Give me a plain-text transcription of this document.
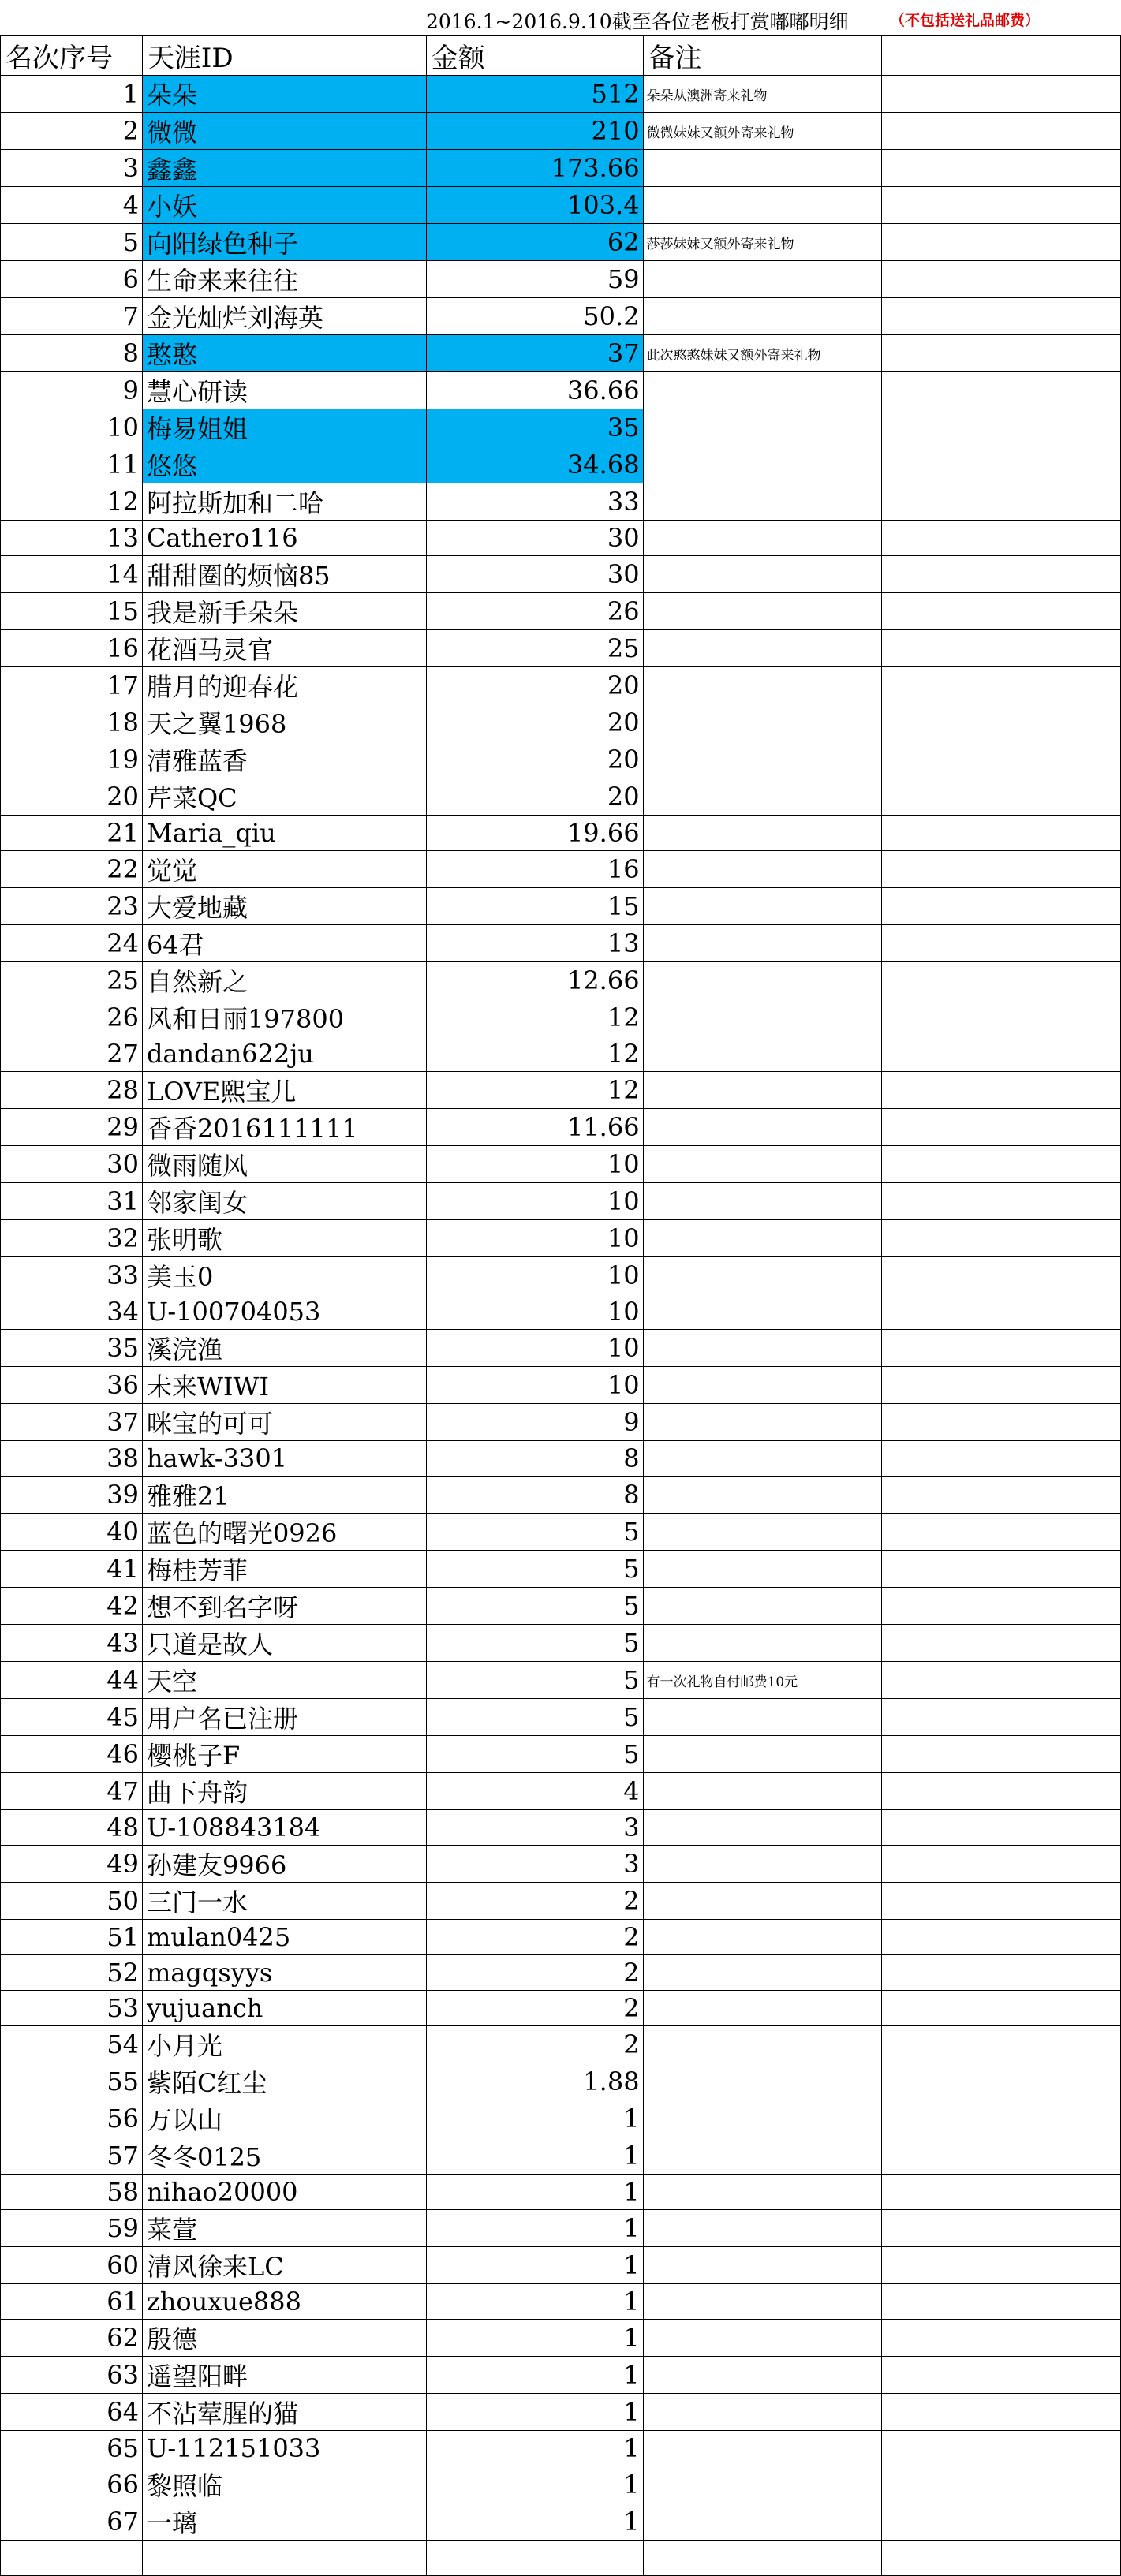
2016.1~2016.9.10截至各位老板打赏嘟嘟明细	（不包括送礼品邮费）
名次序号	天涯ID	金额	备注	
1	朵朵	512	朵朵从澳洲寄来礼物	
2	微微	210	微微妹妹又额外寄来礼物	
3	鑫鑫	173.66		
4	小妖	103.4		
5	向阳绿色种子	62	莎莎妹妹又额外寄来礼物	
6	生命来来往往	59		
7	金光灿烂刘海英	50.2		
8	憨憨	37	此次憨憨妹妹又额外寄来礼物	
9	慧心研读	36.66		
10	梅易姐姐	35		
11	悠悠	34.68		
12	阿拉斯加和二哈	33		
13	Cathero116	30		
14	甜甜圈的烦恼85	30		
15	我是新手朵朵	26		
16	花酒马灵官	25		
17	腊月的迎春花	20		
18	天之翼1968	20		
19	清雅蓝香	20		
20	芹菜QC	20		
21	Maria_qiu	19.66		
22	觉觉	16		
23	大爱地藏	15		
24	64君	13		
25	自然新之	12.66		
26	风和日丽197800	12		
27	dandan622ju	12		
28	LOVE熙宝儿	12		
29	香香2016111111	11.66		
30	微雨随风	10		
31	邻家闺女	10		
32	张明歌	10		
33	美玉0	10		
34	U-100704053	10		
35	溪浣渔	10		
36	未来WIWI	10		
37	咪宝的可可	9		
38	hawk-3301	8		
39	雅雅21	8		
40	蓝色的曙光0926	5		
41	梅桂芳菲	5		
42	想不到名字呀	5		
43	只道是故人	5		
44	天空	5	有一次礼物自付邮费10元	
45	用户名已注册	5		
46	樱桃子F	5		
47	曲下舟韵	4		
48	U-108843184	3		
49	孙建友9966	3		
50	三门一水	2		
51	mulan0425	2		
52	magqsyys	2		
53	yujuanch	2		
54	小月光	2		
55	紫陌C红尘	1.88		
56	万以山	1		
57	冬冬0125	1		
58	nihao20000	1		
59	菜萱	1		
60	清风徐来LC	1		
61	zhouxue888	1		
62	殷德	1		
63	遥望阳畔	1		
64	不沾荤腥的猫	1		
65	U-112151033	1		
66	黎照临	1		
67	一璃	1		
